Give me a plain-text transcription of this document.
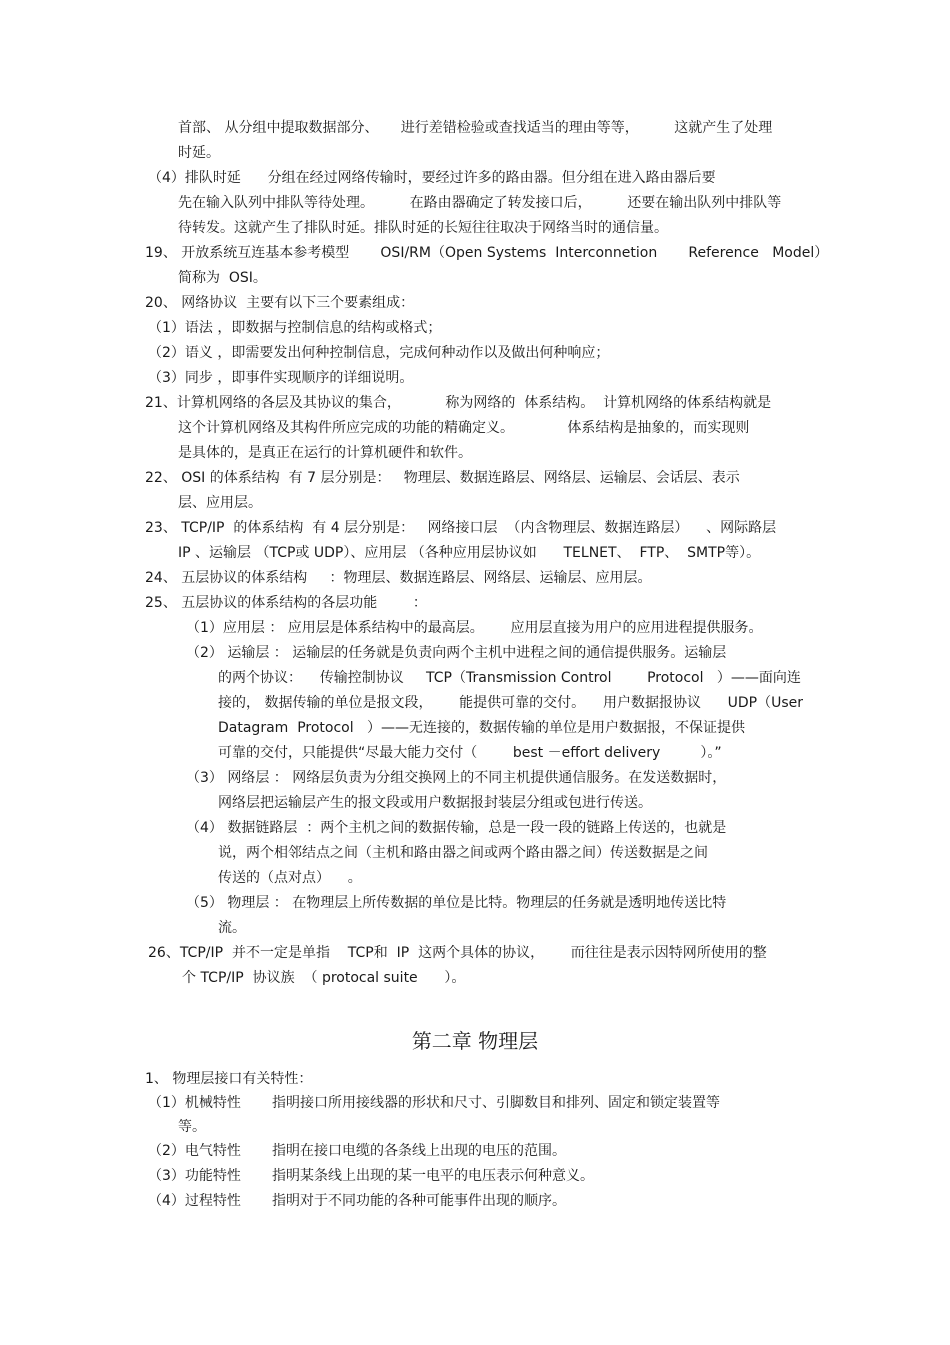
首部、 从分组中提取数据部分、     进行差错检验或查找适当的理由等等，        这就产生了处理
时延。
（4）排队时延      分组在经过网络传输时，要经过许多的路由器。但分组在进入路由器后要
先在输入队列中排队等待处理。        在路由器确定了转发接口后，        还要在输出队列中排队等
待转发。这就产生了排队时延。排队时延的长短往往取决于网络当时的通信量。
19、 开放系统互连基本参考模型       OSI/RM（Open Systems  Interconnetion       Reference   Model）
简称为  OSI。
20、 网络协议  主要有以下三个要素组成：
（1）语法 ，即数据与控制信息的结构或格式；
（2）语义 ，即需要发出何种控制信息，完成何种动作以及做出何种响应；
（3）同步 ，即事件实现顺序的详细说明。
21、计算机网络的各层及其协议的集合，          称为网络的  体系结构。  计算机网络的体系结构就是
这个计算机网络及其构件所应完成的功能的精确定义。            体系结构是抽象的，而实现则
是具体的，是真正在运行的计算机硬件和软件。
22、 OSI 的体系结构  有 7 层分别是：   物理层、数据连路层、网络层、运输层、会话层、表示
层、应用层。
23、 TCP/IP  的体系结构  有 4 层分别是：   网络接口层  （内含物理层、数据连路层）    、网际路层
IP 、运输层 （TCP或 UDP）、应用层 （各种应用层协议如      TELNET、  FTP、  SMTP等）。
24、 五层协议的体系结构     ：物理层、数据连路层、网络层、运输层、应用层。
25、 五层协议的体系结构的各层功能        ：
（1）应用层 ： 应用层是体系结构中的最高层。      应用层直接为用户的应用进程提供服务。
（2） 运输层 ： 运输层的任务就是负责向两个主机中进程之间的通信提供服务。运输层
的两个协议：    传输控制协议     TCP（Transmission Control        Protocol   ）——面向连
接的， 数据传输的单位是报文段，      能提供可靠的交付。    用户数据报协议      UDP（User
Datagram  Protocol   ）——无连接的，数据传输的单位是用户数据报，不保证提供
可靠的交付，只能提供“尽最大能力交付（        best －effort delivery         ）。”
（3） 网络层 ： 网络层负责为分组交换网上的不同主机提供通信服务。在发送数据时，
网络层把运输层产生的报文段或用户数据报封装层分组或包进行传送。
（4） 数据链路层  ：两个主机之间的数据传输，总是一段一段的链路上传送的，也就是
说，两个相邻结点之间（主机和路由器之间或两个路由器之间）传送数据是之间
传送的（点对点）    。
（5） 物理层 ： 在物理层上所传数据的单位是比特。物理层的任务就是透明地传送比特
流。
26、TCP/IP  并不一定是单指    TCP和  IP  这两个具体的协议，      而往往是表示因特网所使用的整
个 TCP/IP  协议族  （ protocal suite      ）。
第二章 物理层
1、 物理层接口有关特性：
（1）机械特性       指明接口所用接线器的形状和尺寸、引脚数目和排列、固定和锁定装置等
等。
（2）电气特性       指明在接口电缆的各条线上出现的电压的范围。
（3）功能特性       指明某条线上出现的某一电平的电压表示何种意义。
（4）过程特性       指明对于不同功能的各种可能事件出现的顺序。
